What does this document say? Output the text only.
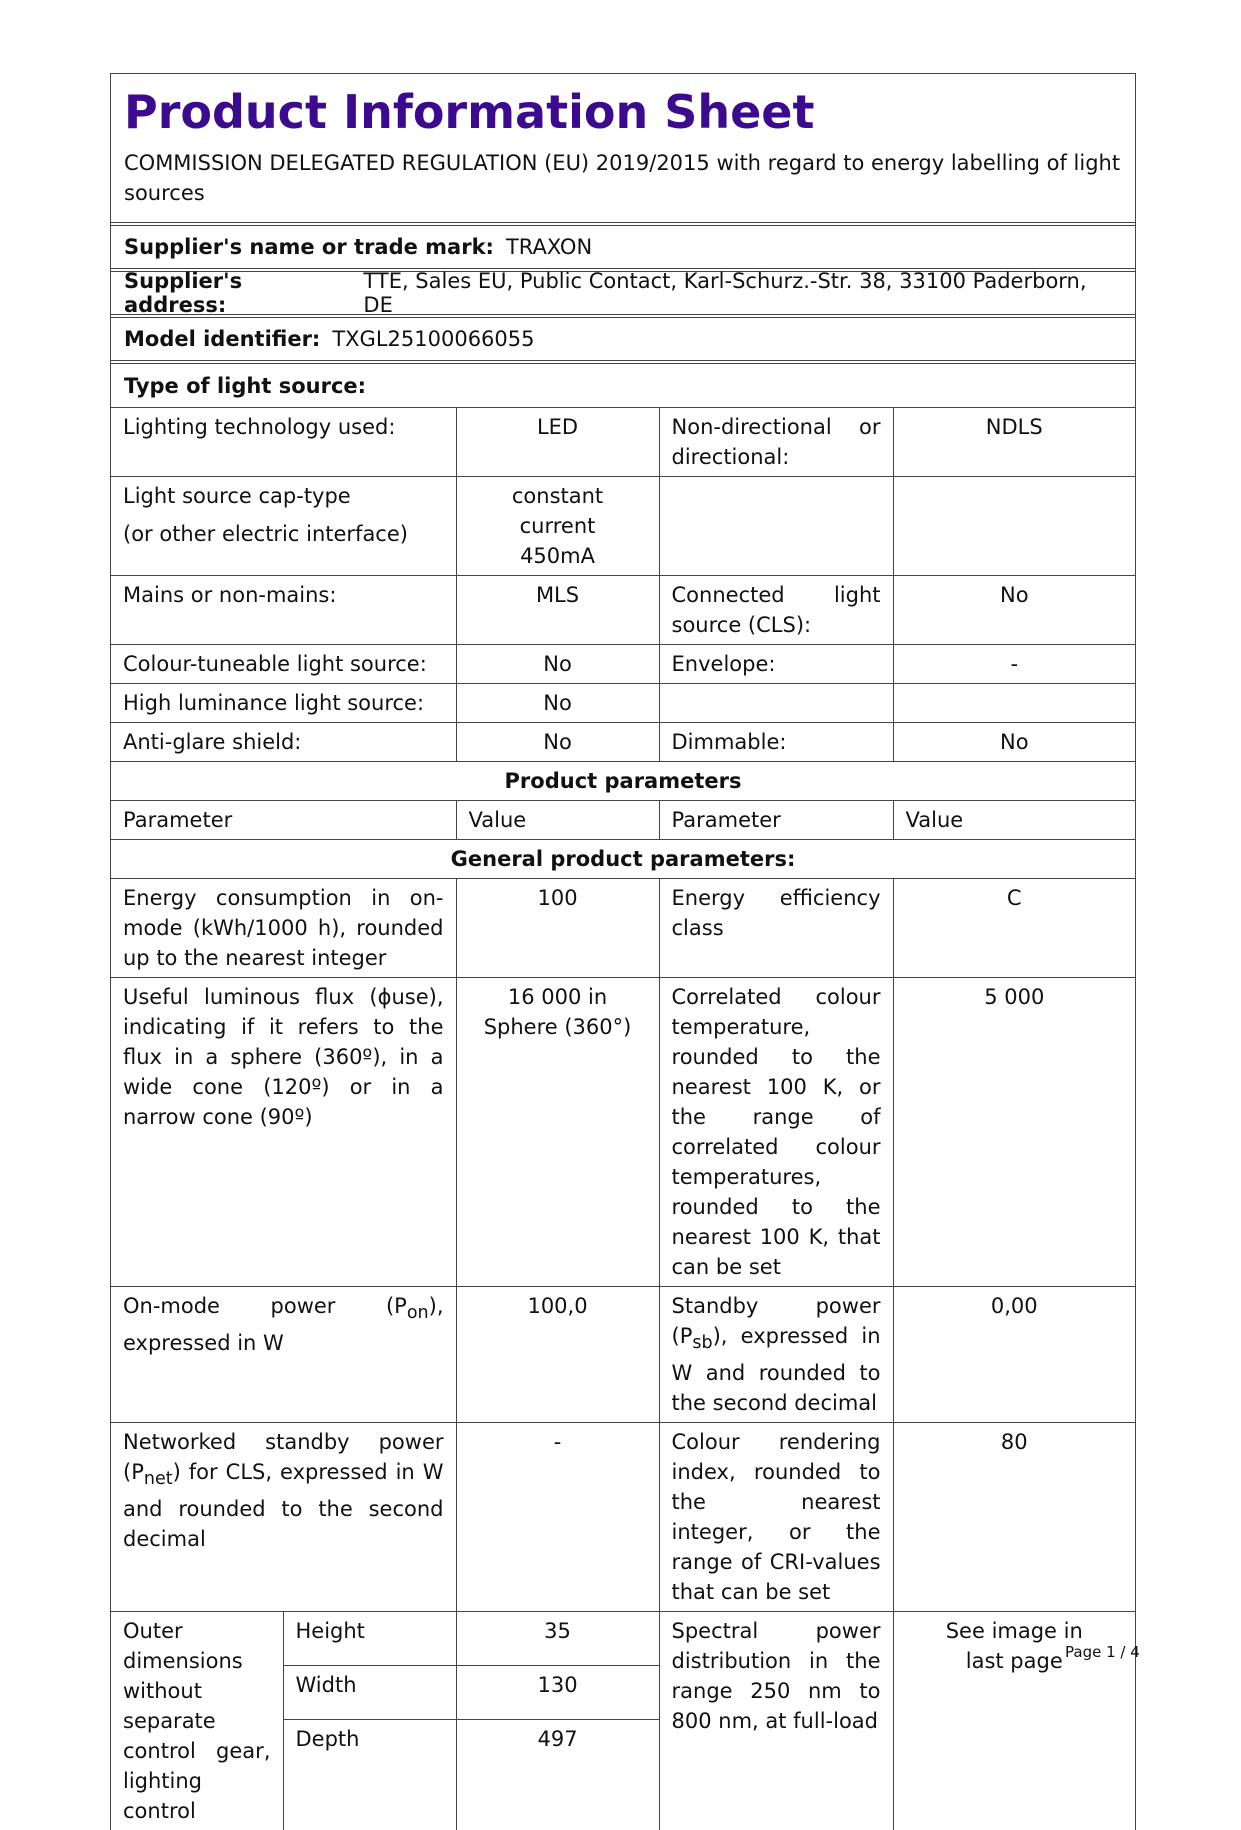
Product Information Sheet
COMMISSION DELEGATED REGULATION (EU) 2019/2015 with regard to energy labelling of light sources
Supplier's name or trade mark: TRAXON
Supplier's address:
TTE, Sales EU, Public Contact, Karl-Schurz.-Str. 38, 33100 Paderborn, DE
Model identifier: TXGL25100066055
Type of light source:
Lighting technology used:		LED	Non-directional or directional:	NDLS

Light source cap-type
(or other electric interface)		constant current 450mA		
Mains or non-mains:		MLS	Connected light source (CLS):	No
Colour-tuneable light source:		No	Envelope:	-
High luminance light source:		No		
Anti-glare shield:		No	Dimmable:	No
Product parameters				
Parameter		Value	Parameter	Value
General product parameters:				
Energy consumption in on-mode (kWh/1000 h), rounded up to the nearest integer		100	Energy efficiency class	C
Useful luminous flux (ϕuse), indicating if it refers to the flux in a sphere (360º), in a wide cone (120º) or in a narrow cone (90º)		16 000 in Sphere (360°)	Correlated colour temperature, rounded to the nearest 100 K, or the range of correlated colour temperatures, rounded to the nearest 100 K, that can be set	5 000
On-mode power $(P_{on})$, expressed in W		100,0	Standby power $(P_{sb})$, expressed in W and rounded to the second decimal	0,00
Networked standby power $(P_{net})$ for CLS, expressed in W and rounded to the second decimal		-	Colour rendering index, rounded to the nearest integer, or the range of CRI-values that can be set	80
Outer dimensions without separate control gear, lighting control	Height	35	Spectral power distribution in the range 250 nm to 800 nm, at full-load	See image in last page
	Width	130		
	Depth	497		
Page 1 / 4
